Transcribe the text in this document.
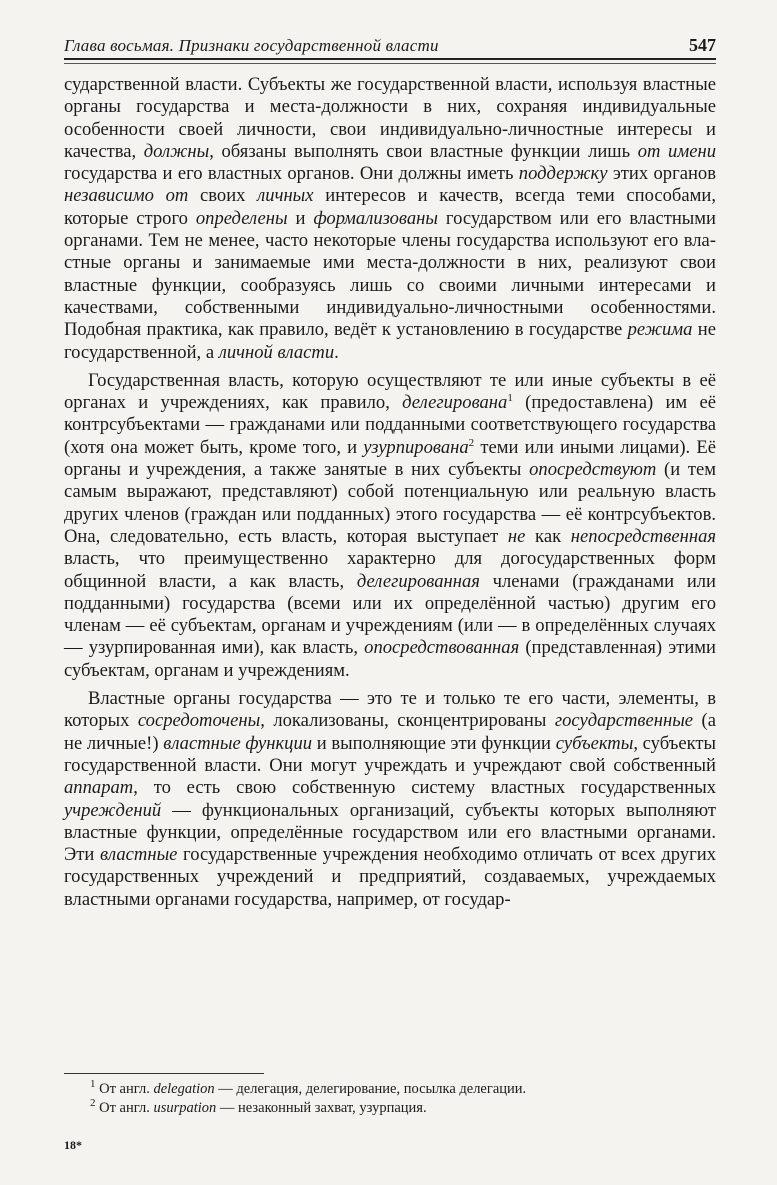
Глава восьмая. Признаки государственной власти	547

сударственной власти. Субъекты же государственной власти, используя властные органы государства и места-должности в них, сохраняя индивидуальные особенности своей личности, свои индивидуально-личностные интересы и качества, должны, обязаны выполнять свои властные функции лишь от имени государства и его властных органов. Они должны иметь поддержку этих органов независимо от своих личных интересов и качеств, всегда теми способами, которые строго определены и формализованы государством или его властными органами. Тем не менее, часто некоторые члены государства используют его властные органы и занимаемые ими места-должности в них, реализуют свои властные функции, сообразуясь лишь со своими личными интересами и качествами, собственными индивидуально-личностными особенностями. Подобная практика, как правило, ведёт к установлению в государстве режима не государственной, а личной власти.

Государственная власть, которую осуществляют те или иные субъекты в её органах и учреждениях, как правило, делегирована$^1$ (предоставлена) им её контрсубъектами — гражданами или подданными соответствующего государства (хотя она может быть, кроме того, и узурпирована$^2$ теми или иными лицами). Её органы и учреждения, а также занятые в них субъекты опосредствуют (и тем самым выражают, представляют) собой потенциальную или реальную власть других членов (граждан или подданных) этого государства — её контрсубъектов. Она, следовательно, есть власть, которая выступает не как непосредственная власть, что преимущественно характерно для догосударственных форм общинной власти, а как власть, делегированная членами (гражданами или подданными) государства (всеми или их определённой частью) другим его членам — её субъектам, органам и учреждениям (или — в определённых случаях — узурпированная ими), как власть, опосредствованная (представленная) этими субъектам, органам и учреждениям.

Властные органы государства — это те и только те его части, элементы, в которых сосредоточены, локализованы, сконцентрированы государственные (а не личные!) властные функции и выполняющие эти функции субъекты, субъекты государственной власти. Они могут учреждать и учреждают свой собственный аппарат, то есть свою собственную систему властных государственных учреждений — функциональных организаций, субъекты которых выполняют властные функции, определённые государством или его властными органами. Эти властные государственные учреждения необходимо отличать от всех других государственных учреждений и предприятий, создаваемых, учреждаемых властными органами государства, например, от государ-

$^1$ От англ. delegation — делегация, делегирование, посылка делегации.

$^2$ От англ. usurpation — незаконный захват, узурпация.

18*
